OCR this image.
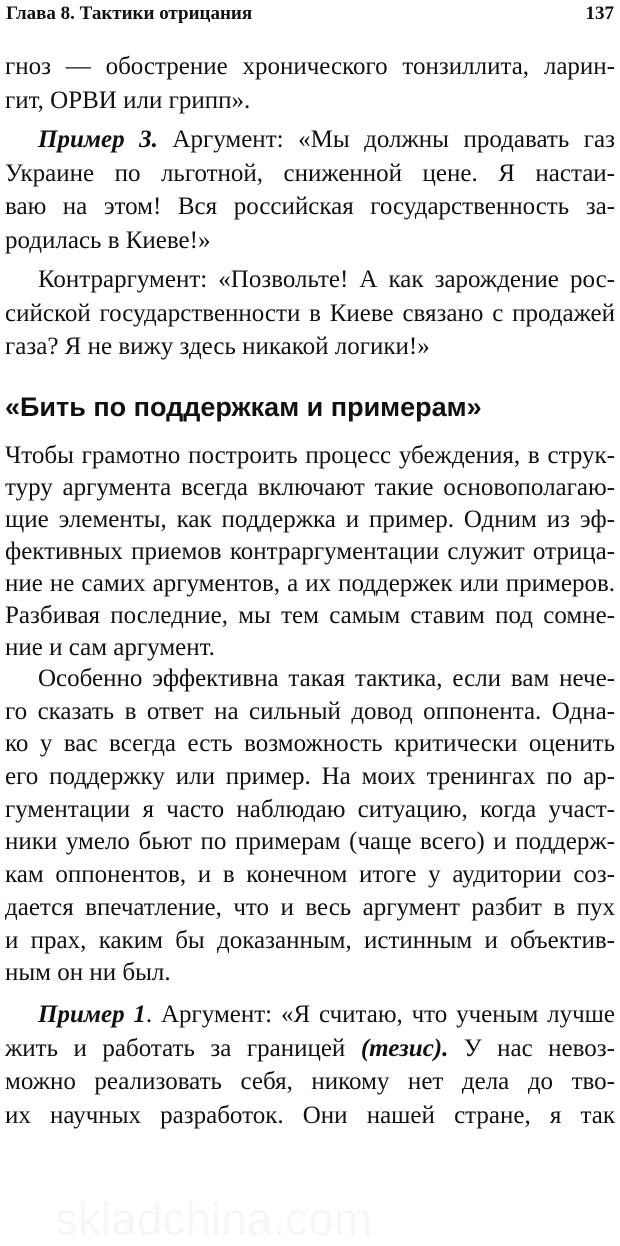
Глава 8. Тактики отрицания	137
гноз — обострение хронического тонзиллита, ларин-
гит, ОРВИ или грипп».
Пример 3. Аргумент: «Мы должны продавать газ
Украине по льготной, сниженной цене. Я настаи-
ваю на этом! Вся российская государственность за-
родилась в Киеве!»
Контраргумент: «Позвольте! А как зарождение рос-
сийской государственности в Киеве связано с продажей
газа? Я не вижу здесь никакой логики!»
«Бить по поддержкам и примерам»
Чтобы грамотно построить процесс убеждения, в струк-
туру аргумента всегда включают такие основополагаю-
щие элементы, как поддержка и пример. Одним из эф-
фективных приемов контраргументации служит отрица-
ние не самих аргументов, а их поддержек или примеров.
Разбивая последние, мы тем самым ставим под сомне-
ние и сам аргумент.
Особенно эффективна такая тактика, если вам нече-
го сказать в ответ на сильный довод оппонента. Одна-
ко у вас всегда есть возможность критически оценить
его поддержку или пример. На моих тренингах по ар-
гументации я часто наблюдаю ситуацию, когда участ-
ники умело бьют по примерам (чаще всего) и поддерж-
кам оппонентов, и в конечном итоге у аудитории соз-
дается впечатление, что и весь аргумент разбит в пух
и прах, каким бы доказанным, истинным и объектив-
ным он ни был.
Пример 1. Аргумент: «Я считаю, что ученым лучше
жить и работать за границей (тезис). У нас невоз-
можно реализовать себя, никому нет дела до тво-
их научных разработок. Они нашей стране, я так
skladchina.com
